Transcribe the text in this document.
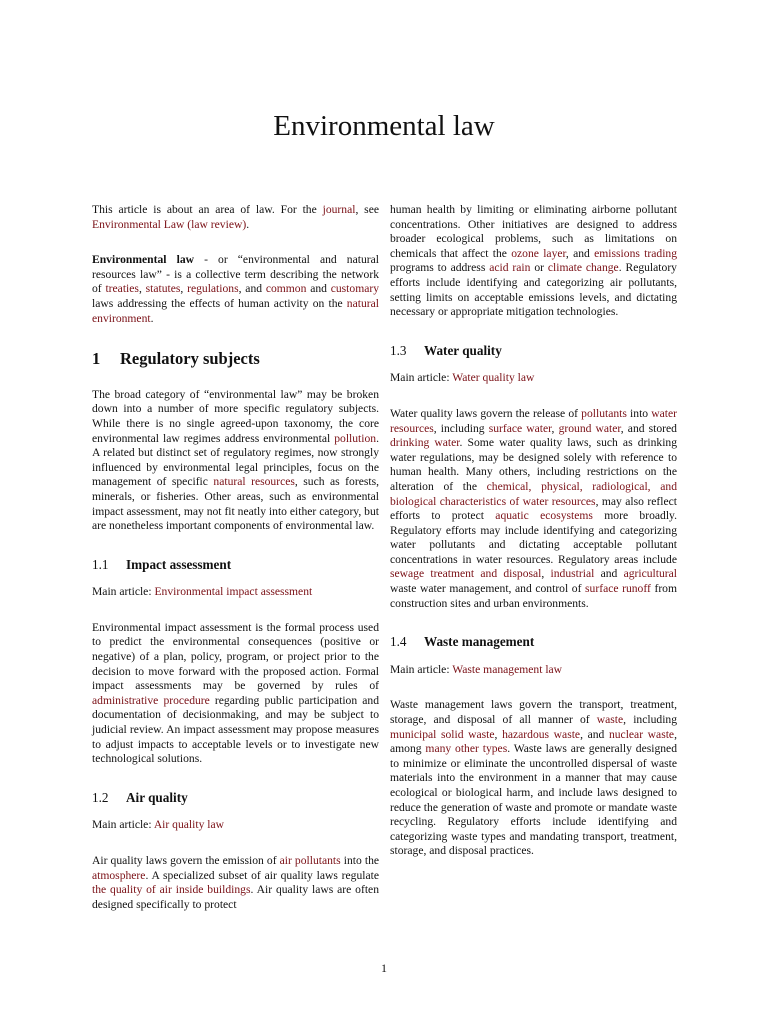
Environmental law

This article is about an area of law. For the journal, see Environmental Law (law review).

Environmental law - or “environmental and natural resources law” - is a collective term describing the network of treaties, statutes, regulations, and common and customary laws addressing the effects of human activity on the natural environment.

1 Regulatory subjects

The broad category of “environmental law” may be broken down into a number of more specific regulatory subjects. While there is no single agreed-upon taxonomy, the core environmental law regimes address environmental pollution. A related but distinct set of regulatory regimes, now strongly influenced by environmental legal principles, focus on the management of specific natural resources, such as forests, minerals, or fisheries. Other areas, such as environmental impact assessment, may not fit neatly into either category, but are nonetheless important components of environmental law.

1.1 Impact assessment

Main article: Environmental impact assessment

Environmental impact assessment is the formal process used to predict the environmental consequences (positive or negative) of a plan, policy, program, or project prior to the decision to move forward with the proposed action. Formal impact assessments may be governed by rules of administrative procedure regarding public participation and documentation of decisionmaking, and may be subject to judicial review. An impact assessment may propose measures to adjust impacts to acceptable levels or to investigate new technological solutions.

1.2 Air quality

Main article: Air quality law

Air quality laws govern the emission of air pollutants into the atmosphere. A specialized subset of air quality laws regulate the quality of air inside buildings. Air quality laws are often designed specifically to protect

human health by limiting or eliminating airborne pollutant concentrations. Other initiatives are designed to address broader ecological problems, such as limitations on chemicals that affect the ozone layer, and emissions trading programs to address acid rain or climate change. Regulatory efforts include identifying and categorizing air pollutants, setting limits on acceptable emissions levels, and dictating necessary or appropriate mitigation technologies.

1.3 Water quality

Main article: Water quality law

Water quality laws govern the release of pollutants into water resources, including surface water, ground water, and stored drinking water. Some water quality laws, such as drinking water regulations, may be designed solely with reference to human health. Many others, including restrictions on the alteration of the chemical, physical, radiological, and biological characteristics of water resources, may also reflect efforts to protect aquatic ecosystems more broadly. Regulatory efforts may include identifying and categorizing water pollutants and dictating acceptable pollutant concentrations in water resources. Regulatory areas include sewage treatment and disposal, industrial and agricultural waste water management, and control of surface runoff from construction sites and urban environments.

1.4 Waste management

Main article: Waste management law

Waste management laws govern the transport, treatment, storage, and disposal of all manner of waste, including municipal solid waste, hazardous waste, and nuclear waste, among many other types. Waste laws are generally designed to minimize or eliminate the uncontrolled dispersal of waste materials into the environment in a manner that may cause ecological or biological harm, and include laws designed to reduce the generation of waste and promote or mandate waste recycling. Regulatory efforts include identifying and categorizing waste types and mandating transport, treatment, storage, and disposal practices.

1
